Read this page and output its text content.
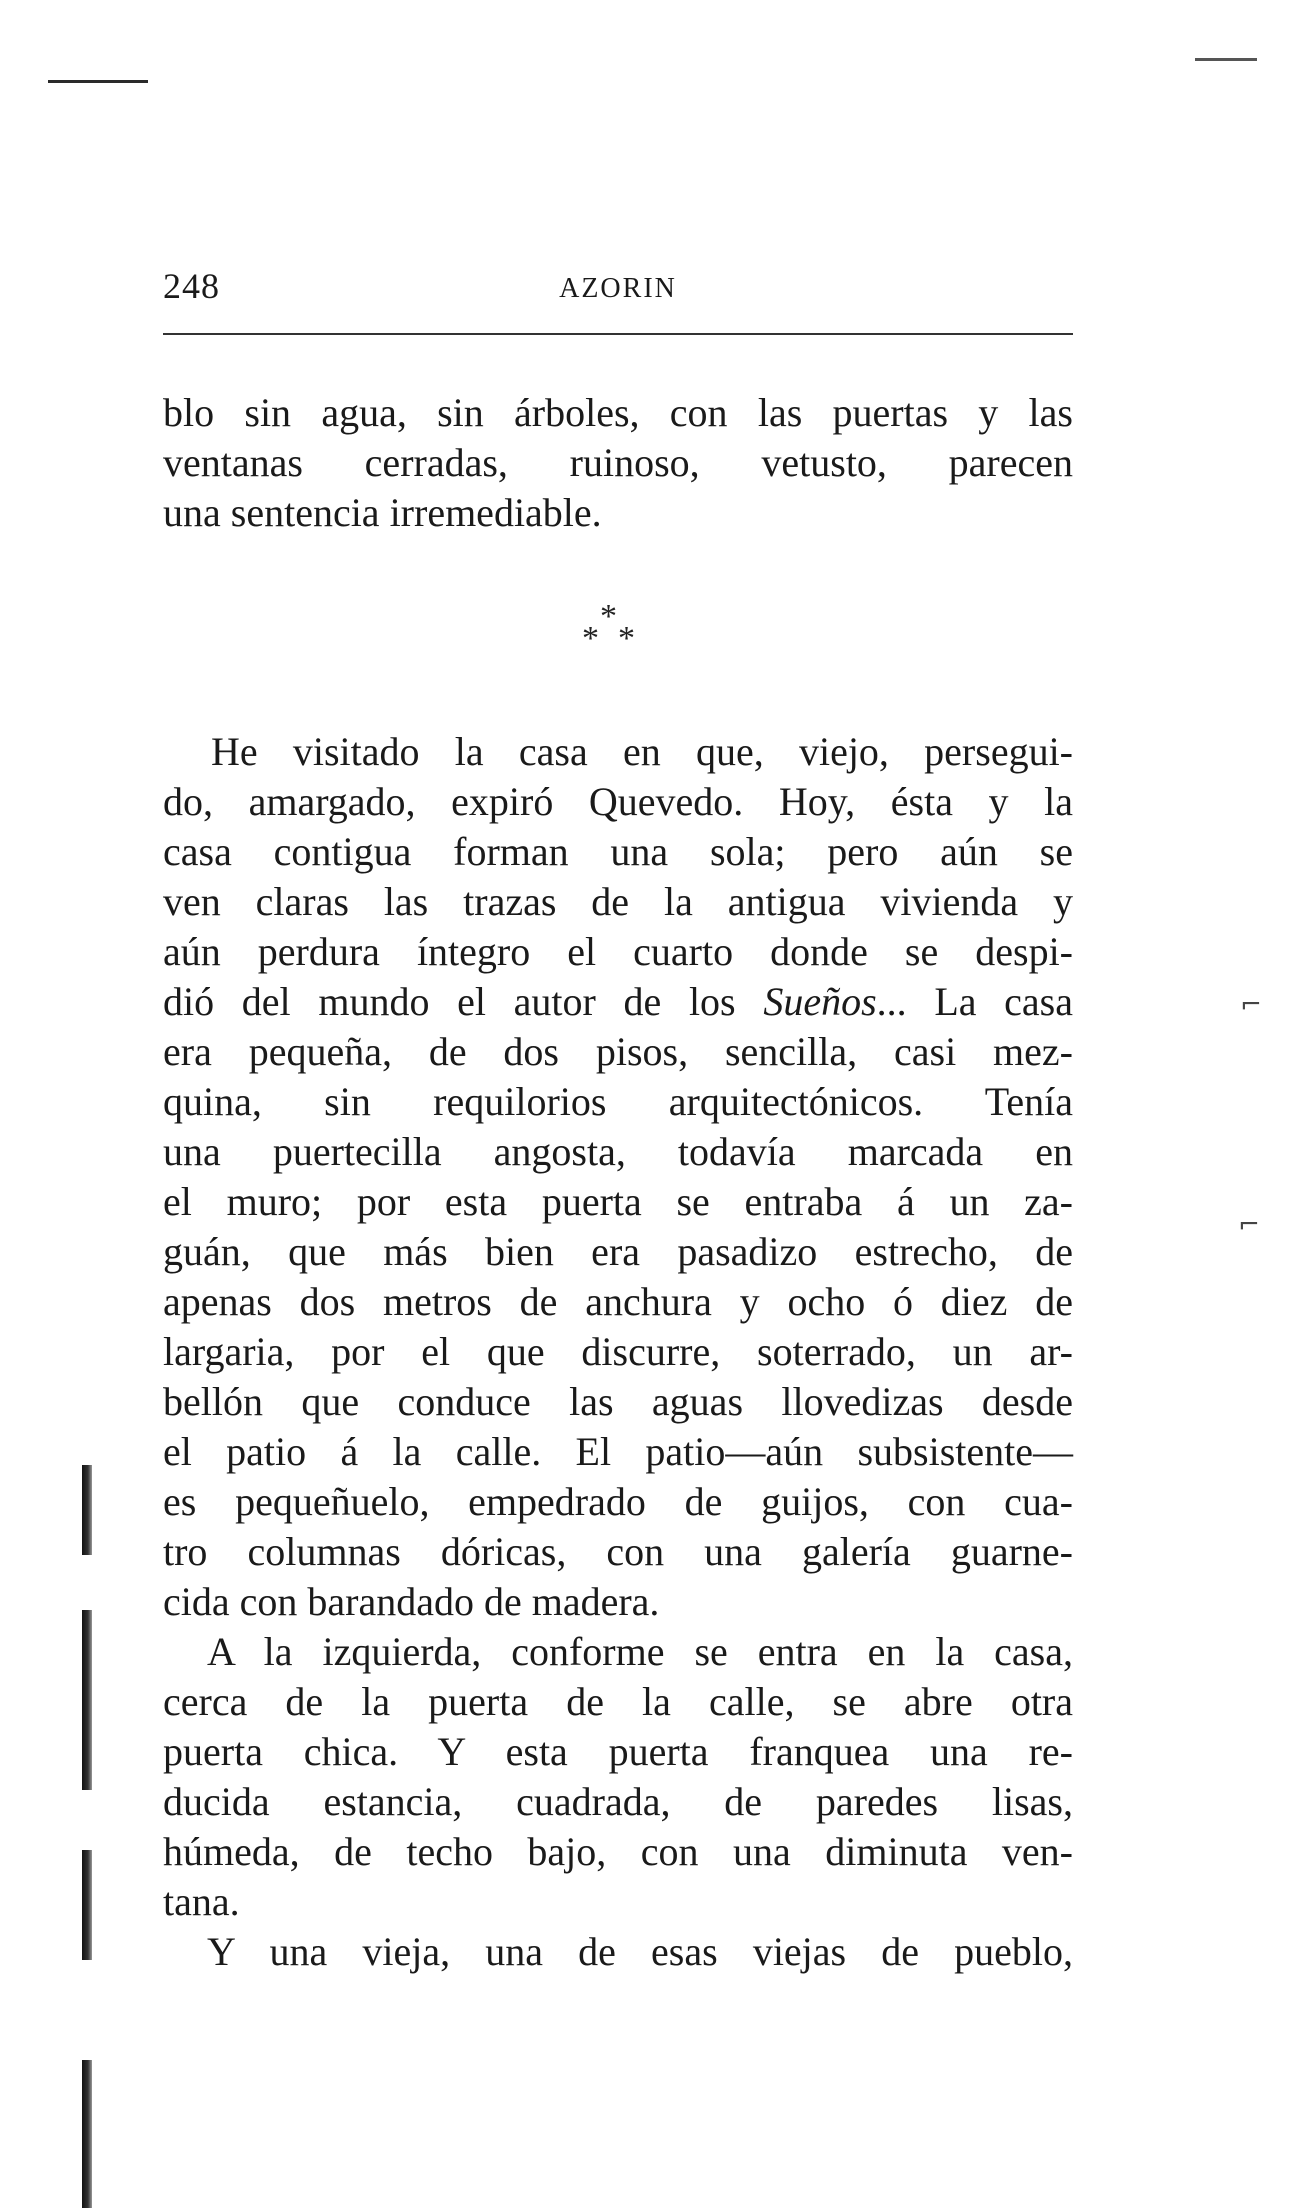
⌐
⌐
248	AZORIN
blo sin agua, sin árboles, con las puertas y las
ventanas cerradas, ruinoso, vetusto, parecen
una sentencia irremediable.
*
* *
He visitado la casa en que, viejo, persegui-
do, amargado, expiró Quevedo. Hoy, ésta y la
casa contigua forman una sola; pero aún se
ven claras las trazas de la antigua vivienda y
aún perdura íntegro el cuarto donde se despi-
dió del mundo el autor de los Sueños... La casa
era pequeña, de dos pisos, sencilla, casi mez-
quina, sin requilorios arquitectónicos. Tenía
una puertecilla angosta, todavía marcada en
el muro; por esta puerta se entraba á un za-
guán, que más bien era pasadizo estrecho, de
apenas dos metros de anchura y ocho ó diez de
largaria, por el que discurre, soterrado, un ar-
bellón que conduce las aguas llovedizas desde
el patio á la calle. El patio—aún subsistente—
es pequeñuelo, empedrado de guijos, con cua-
tro columnas dóricas, con una galería guarne-
cida con barandado de madera.
A la izquierda, conforme se entra en la casa,
cerca de la puerta de la calle, se abre otra
puerta chica. Y esta puerta franquea una re-
ducida estancia, cuadrada, de paredes lisas,
húmeda, de techo bajo, con una diminuta ven-
tana.
Y una vieja, una de esas viejas de pueblo,
